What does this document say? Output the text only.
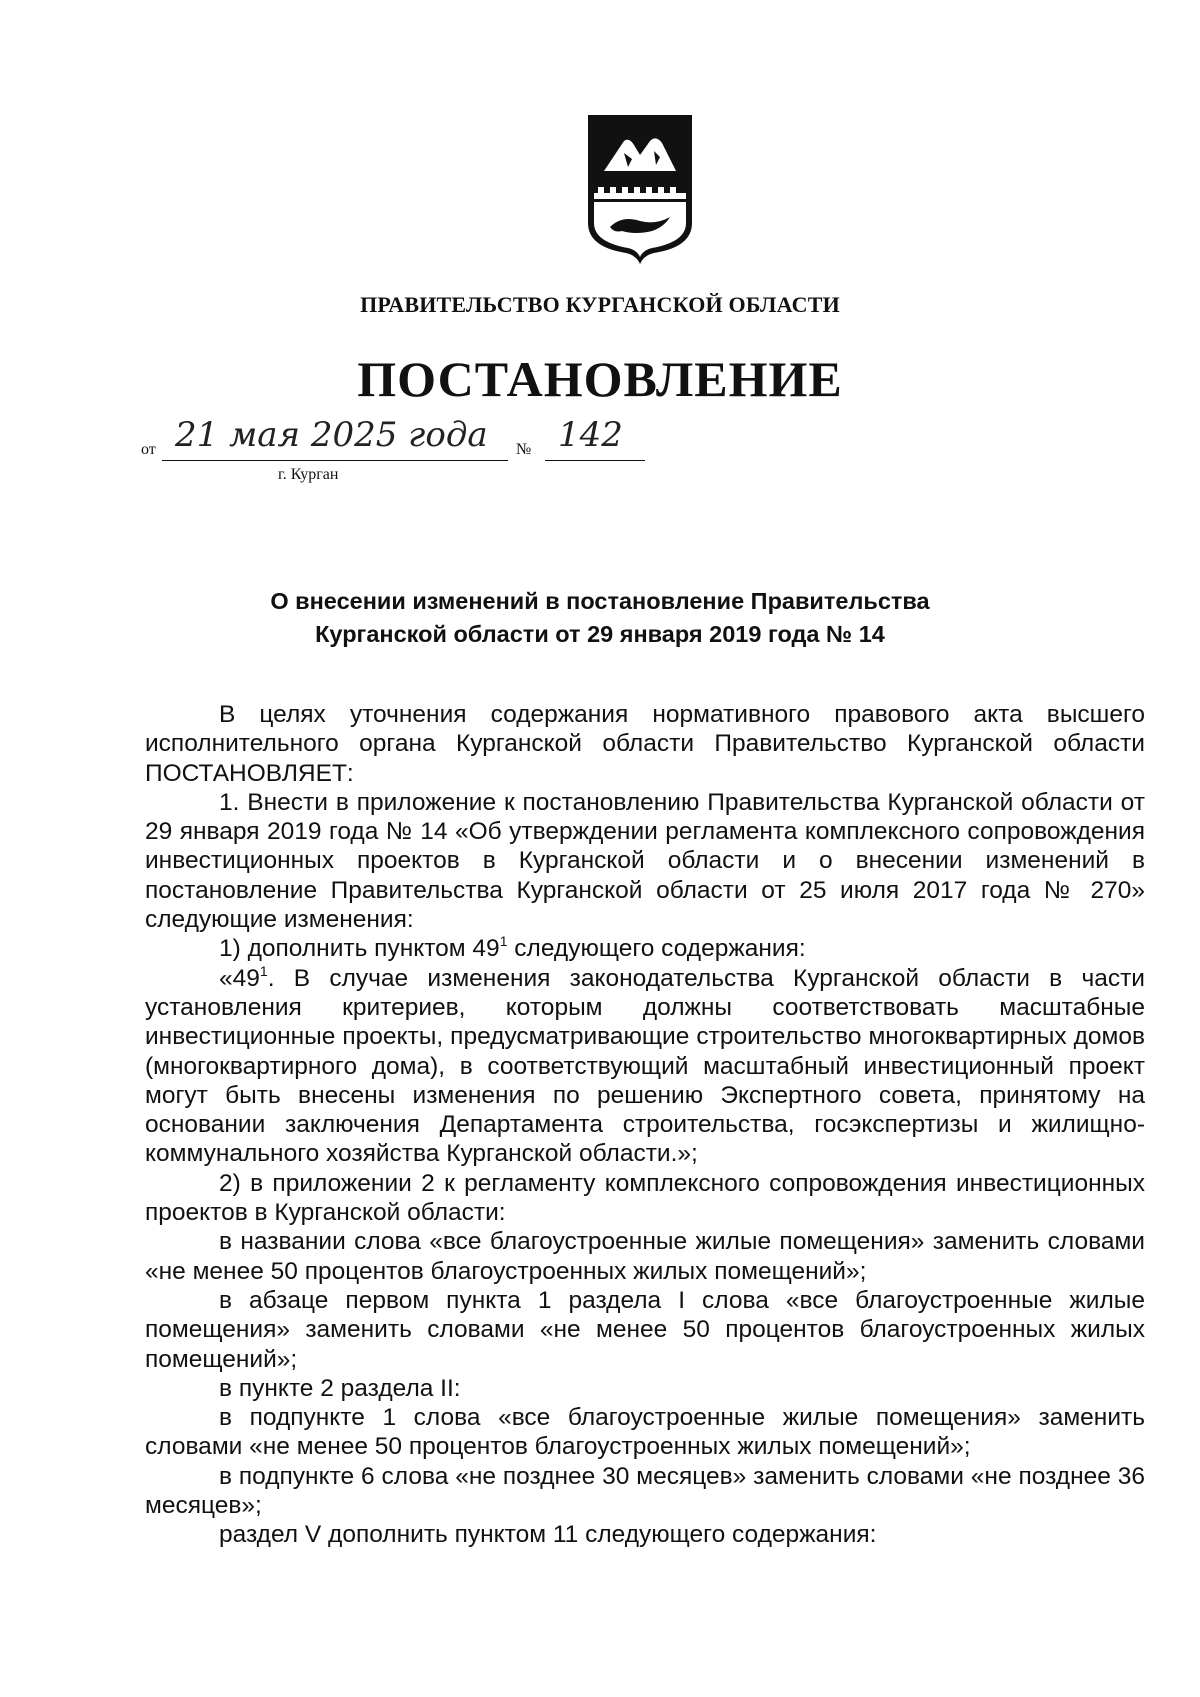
ПРАВИТЕЛЬСТВО КУРГАНСКОЙ ОБЛАСТИ
ПОСТАНОВЛЕНИЕ
от 21 мая 2025 года № 142
г. Курган
О внесении изменений в постановление Правительства
Курганской области от 29 января 2019 года № 14

В целях уточнения содержания нормативного правового акта высшего исполнительного органа Курганской области Правительство Курганской области ПОСТАНОВЛЯЕТ:

1. Внести в приложение к постановлению Правительства Курганской области от 29 января 2019 года № 14 «Об утверждении регламента комплексного сопровождения инвестиционных проектов в Курганской области и о внесении изменений в постановление Правительства Курганской области от 25 июля 2017 года № 270» следующие изменения:

1) дополнить пунктом $49^1$ следующего содержания:

«$49^1$. В случае изменения законодательства Курганской области в части установления критериев, которым должны соответствовать масштабные инвестиционные проекты, предусматривающие строительство многоквартирных домов (многоквартирного дома), в соответствующий масштабный инвестиционный проект могут быть внесены изменения по решению Экспертного совета, принятому на основании заключения Департамента строительства, госэкспертизы и жилищно-коммунального хозяйства Курганской области.»;

2) в приложении 2 к регламенту комплексного сопровождения инвестиционных проектов в Курганской области:

в названии слова «все благоустроенные жилые помещения» заменить словами «не менее 50 процентов благоустроенных жилых помещений»;

в абзаце первом пункта 1 раздела I слова «все благоустроенные жилые помещения» заменить словами «не менее 50 процентов благоустроенных жилых помещений»;

в пункте 2 раздела II:

в подпункте 1 слова «все благоустроенные жилые помещения» заменить словами «не менее 50 процентов благоустроенных жилых помещений»;

в подпункте 6 слова «не позднее 30 месяцев» заменить словами «не позднее 36 месяцев»;

раздел V дополнить пунктом 11 следующего содержания:
